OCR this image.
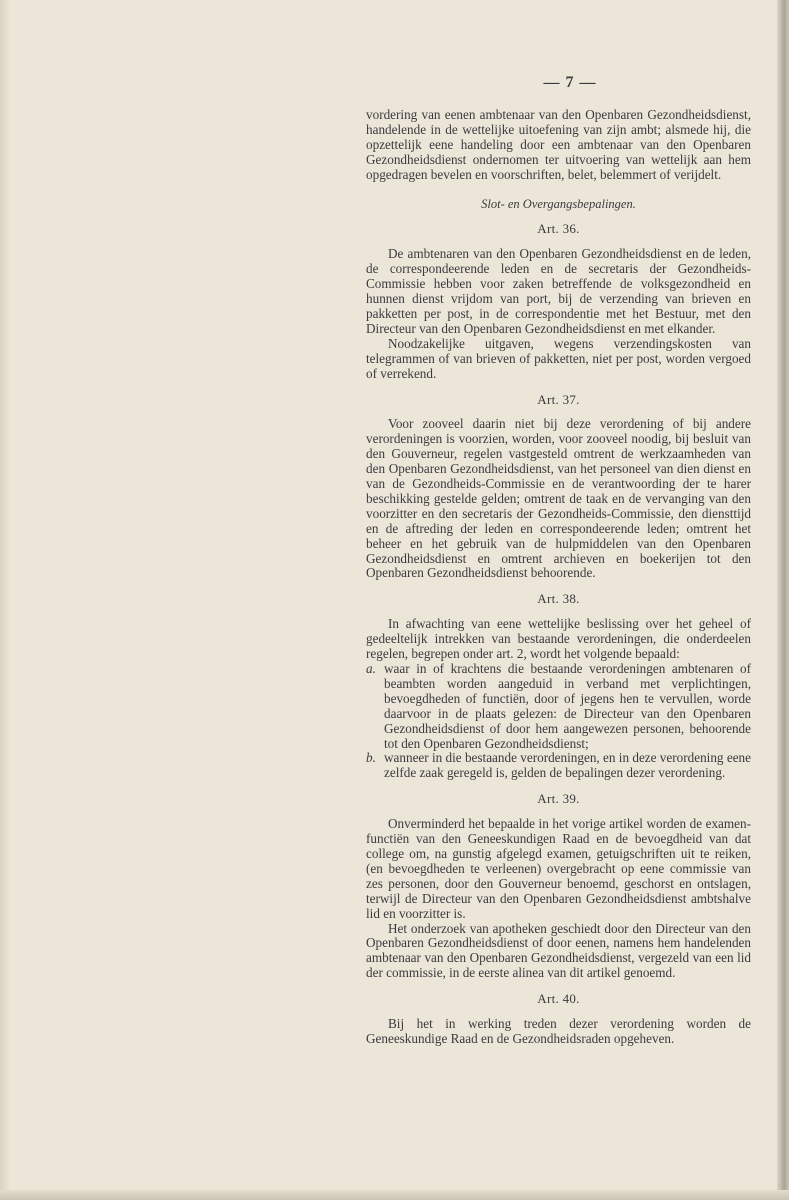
— 7 —

vordering van eenen ambtenaar van den Openbaren Gezondheidsdienst, handelende in de wettelijke uitoefening van zijn ambt; alsmede hij, die opzettelijk eene handeling door een ambtenaar van den Openbaren Gezondheidsdienst ondernomen ter uitvoering van wettelijk aan hem opgedragen bevelen en voorschriften, belet, belemmert of verijdelt.

Slot- en Overgangsbepalingen.
Art. 36.

De ambtenaren van den Openbaren Gezondheidsdienst en de leden, de correspondeerende leden en de secretaris der Gezondheids-Commissie hebben voor zaken betreffende de volksgezondheid en hunnen dienst vrijdom van port, bij de verzending van brieven en pakketten per post, in de correspondentie met het Bestuur, met den Directeur van den Openbaren Gezondheidsdienst en met elkander.

Noodzakelijke uitgaven, wegens verzendingskosten van telegrammen of van brieven of pakketten, niet per post, worden vergoed of verrekend.

Art. 37.

Voor zooveel daarin niet bij deze verordening of bij andere verordeningen is voorzien, worden, voor zooveel noodig, bij besluit van den Gouverneur, regelen vastgesteld omtrent de werkzaamheden van den Openbaren Gezondheidsdienst, van het personeel van dien dienst en van de Gezondheids-Commissie en de verantwoording der te harer beschikking gestelde gelden; omtrent de taak en de vervanging van den voorzitter en den secretaris der Gezondheids-Commissie, den diensttijd en de aftreding der leden en correspondeerende leden; omtrent het beheer en het gebruik van de hulpmiddelen van den Openbaren Gezondheidsdienst en omtrent archieven en boekerijen tot den Openbaren Gezondheidsdienst behoorende.

Art. 38.

In afwachting van eene wettelijke beslissing over het geheel of gedeeltelijk intrekken van bestaande verordeningen, die onderdeelen regelen, begrepen onder art. 2, wordt het volgende bepaald:

a. waar in of krachtens die bestaande verordeningen ambtenaren of beambten worden aangeduid in verband met verplichtingen, bevoegdheden of functiën, door of jegens hen te vervullen, worde daarvoor in de plaats gelezen: de Directeur van den Openbaren Gezondheidsdienst of door hem aangewezen personen, behoorende tot den Openbaren Gezondheidsdienst;
b. wanneer in die bestaande verordeningen, en in deze verordening eene zelfde zaak geregeld is, gelden de bepalingen dezer verordening.
Art. 39.

Onverminderd het bepaalde in het vorige artikel worden de examen-functiën van den Geneeskundigen Raad en de bevoegdheid van dat college om, na gunstig afgelegd examen, getuigschriften uit te reiken, (en bevoegdheden te verleenen) overgebracht op eene commissie van zes personen, door den Gouverneur benoemd, geschorst en ontslagen, terwijl de Directeur van den Openbaren Gezondheidsdienst ambtshalve lid en voorzitter is.

Het onderzoek van apotheken geschiedt door den Directeur van den Openbaren Gezondheidsdienst of door eenen, namens hem handelenden ambtenaar van den Openbaren Gezondheidsdienst, vergezeld van een lid der commissie, in de eerste alinea van dit artikel genoemd.

Art. 40.

Bij het in werking treden dezer verordening worden de Geneeskundige Raad en de Gezondheidsraden opgeheven.
